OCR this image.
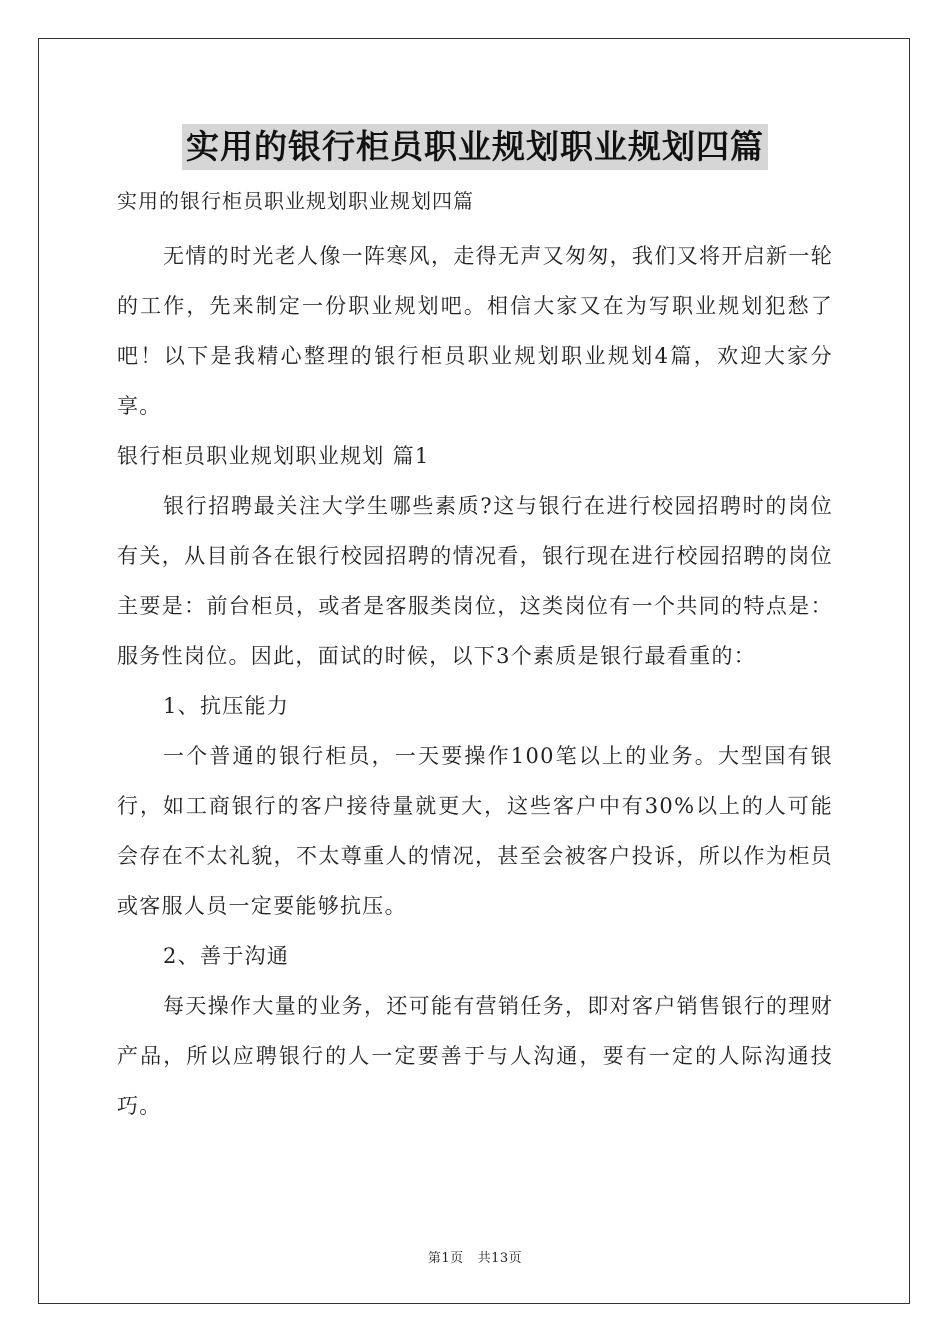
实用的银行柜员职业规划职业规划四篇

实用的银行柜员职业规划职业规划四篇

无情的时光老人像一阵寒风，走得无声又匆匆，我们又将开启新一轮的工作，先来制定一份职业规划吧。相信大家又在为写职业规划犯愁了吧！以下是我精心整理的银行柜员职业规划职业规划4篇，欢迎大家分享。

银行柜员职业规划职业规划 篇1

银行招聘最关注大学生哪些素质?这与银行在进行校园招聘时的岗位有关，从目前各在银行校园招聘的情况看，银行现在进行校园招聘的岗位主要是：前台柜员，或者是客服类岗位，这类岗位有一个共同的特点是：服务性岗位。因此，面试的时候，以下3个素质是银行最看重的：

1、抗压能力

一个普通的银行柜员，一天要操作100笔以上的业务。大型国有银行，如工商银行的客户接待量就更大，这些客户中有30%以上的人可能会存在不太礼貌，不太尊重人的情况，甚至会被客户投诉，所以作为柜员或客服人员一定要能够抗压。

2、善于沟通

每天操作大量的业务，还可能有营销任务，即对客户销售银行的理财产品，所以应聘银行的人一定要善于与人沟通，要有一定的人际沟通技巧。

第1页 共13页
